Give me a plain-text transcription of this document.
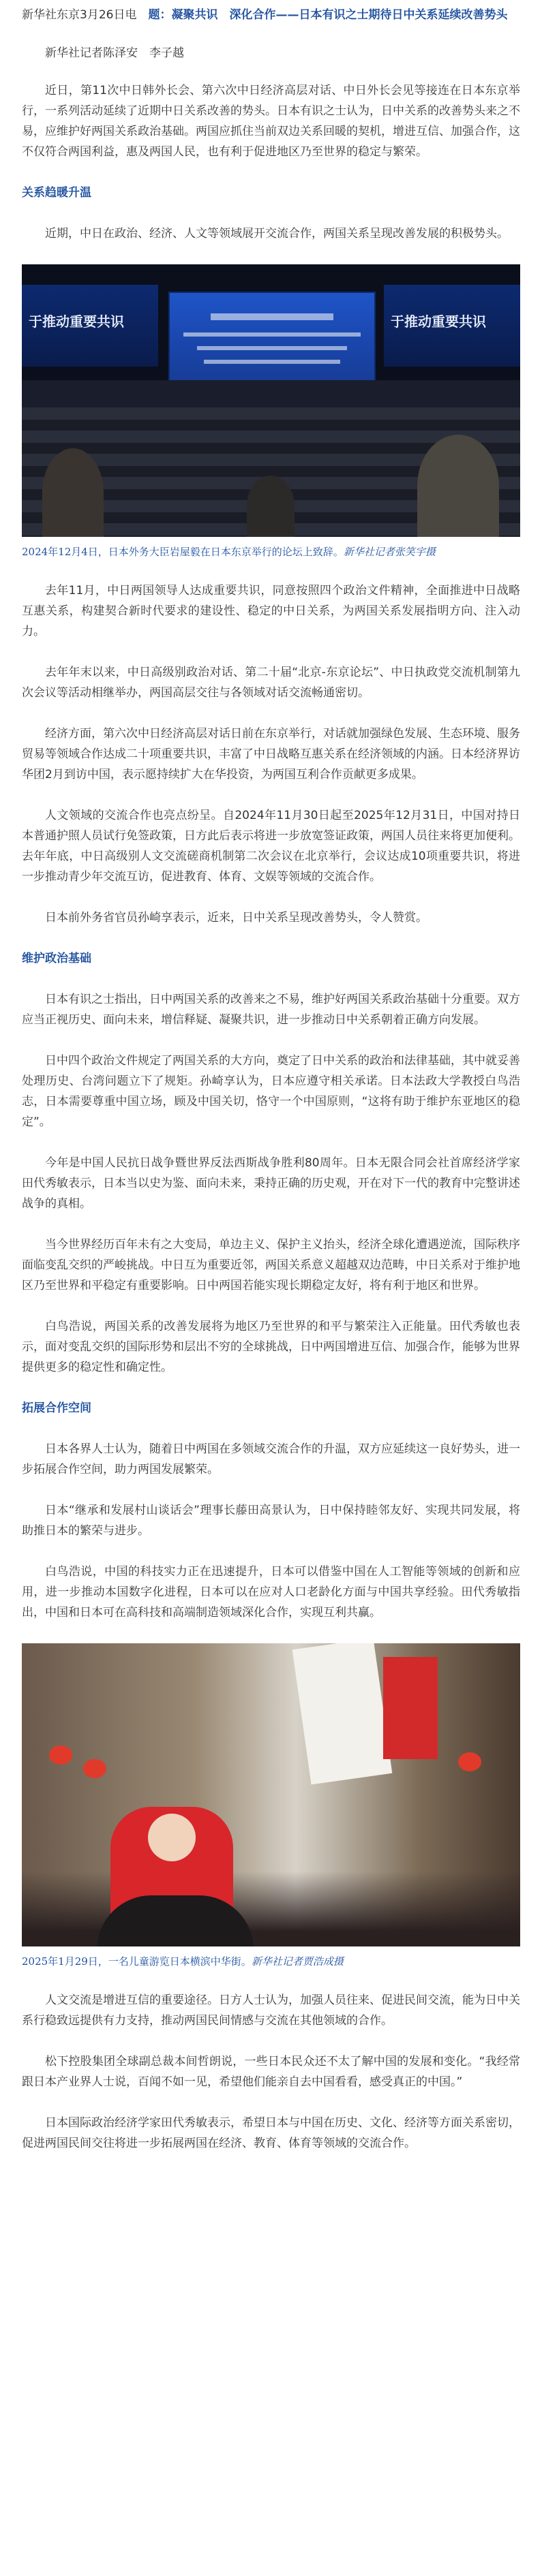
新华社东京3月26日电　 题：凝聚共识　深化合作——日本有识之士期待日中关系延续改善势头

新华社记者陈泽安　李子越

近日，第11次中日韩外长会、第六次中日经济高层对话、中日外长会见等接连在日本东京举行，一系列活动延续了近期中日关系改善的势头。日本有识之士认为，日中关系的改善势头来之不易，应维护好两国关系政治基础。两国应抓住当前双边关系回暖的契机，增进互信、加强合作，这不仅符合两国利益，惠及两国人民，也有利于促进地区乃至世界的稳定与繁荣。

关系趋暖升温

近期，中日在政治、经济、人文等领域展开交流合作，两国关系呈现改善发展的积极势头。

于推动重要共识	于推动重要共识
2024年12月4日，日本外务大臣岩屋毅在日本东京举行的论坛上致辞。新华社记者张笑宇摄

去年11月，中日两国领导人达成重要共识，同意按照四个政治文件精神，全面推进中日战略互惠关系，构建契合新时代要求的建设性、稳定的中日关系，为两国关系发展指明方向、注入动力。

去年年末以来，中日高级别政治对话、第二十届“北京-东京论坛”、中日执政党交流机制第九次会议等活动相继举办，两国高层交往与各领域对话交流畅通密切。

经济方面，第六次中日经济高层对话日前在东京举行，对话就加强绿色发展、生态环境、服务贸易等领域合作达成二十项重要共识，丰富了中日战略互惠关系在经济领域的内涵。日本经济界访华团2月到访中国，表示愿持续扩大在华投资，为两国互利合作贡献更多成果。

人文领域的交流合作也亮点纷呈。自2024年11月30日起至2025年12月31日，中国对持日本普通护照人员试行免签政策，日方此后表示将进一步放宽签证政策，两国人员往来将更加便利。去年年底，中日高级别人文交流磋商机制第二次会议在北京举行，会议达成10项重要共识，将进一步推动青少年交流互访，促进教育、体育、文娱等领域的交流合作。

日本前外务省官员孙崎享表示，近来，日中关系呈现改善势头，令人赞赏。

维护政治基础

日本有识之士指出，日中两国关系的改善来之不易，维护好两国关系政治基础十分重要。双方应当正视历史、面向未来，增信释疑、凝聚共识，进一步推动日中关系朝着正确方向发展。

日中四个政治文件规定了两国关系的大方向，奠定了日中关系的政治和法律基础，其中就妥善处理历史、台湾问题立下了规矩。孙崎享认为，日本应遵守相关承诺。日本法政大学教授白鸟浩志，日本需要尊重中国立场，顾及中国关切，恪守一个中国原则，“这将有助于维护东亚地区的稳定”。

今年是中国人民抗日战争暨世界反法西斯战争胜利80周年。日本无限合同会社首席经济学家田代秀敏表示，日本当以史为鉴、面向未来，秉持正确的历史观，开在对下一代的教育中完整讲述战争的真相。

当今世界经历百年未有之大变局，单边主义、保护主义抬头，经济全球化遭遇逆流，国际秩序面临变乱交织的严峻挑战。中日互为重要近邻，两国关系意义超越双边范畴，中日关系对于维护地区乃至世界和平稳定有重要影响。日中两国若能实现长期稳定友好，将有利于地区和世界。

白鸟浩说，两国关系的改善发展将为地区乃至世界的和平与繁荣注入正能量。田代秀敏也表示，面对变乱交织的国际形势和层出不穷的全球挑战，日中两国增进互信、加强合作，能够为世界提供更多的稳定性和确定性。

拓展合作空间

日本各界人士认为，随着日中两国在多领域交流合作的升温，双方应延续这一良好势头，进一步拓展合作空间，助力两国发展繁荣。

日本“继承和发展村山谈话会”理事长藤田高景认为，日中保持睦邻友好、实现共同发展，将助推日本的繁荣与进步。

白鸟浩说，中国的科技实力正在迅速提升，日本可以借鉴中国在人工智能等领域的创新和应用，进一步推动本国数字化进程，日本可以在应对人口老龄化方面与中国共享经验。田代秀敏指出，中国和日本可在高科技和高端制造领域深化合作，实现互利共赢。

2025年1月29日，一名儿童游览日本横滨中华街。新华社记者贾浩成摄

人文交流是增进互信的重要途径。日方人士认为，加强人员往来、促进民间交流，能为日中关系行稳致远提供有力支持，推动两国民间情感与交流在其他领域的合作。

松下控股集团全球副总裁本间哲朗说，一些日本民众还不太了解中国的发展和变化。“我经常跟日本产业界人士说，百闻不如一见，希望他们能亲自去中国看看，感受真正的中国。”

日本国际政治经济学家田代秀敏表示，希望日本与中国在历史、文化、经济等方面关系密切，促进两国民间交往将进一步拓展两国在经济、教育、体育等领域的交流合作。
